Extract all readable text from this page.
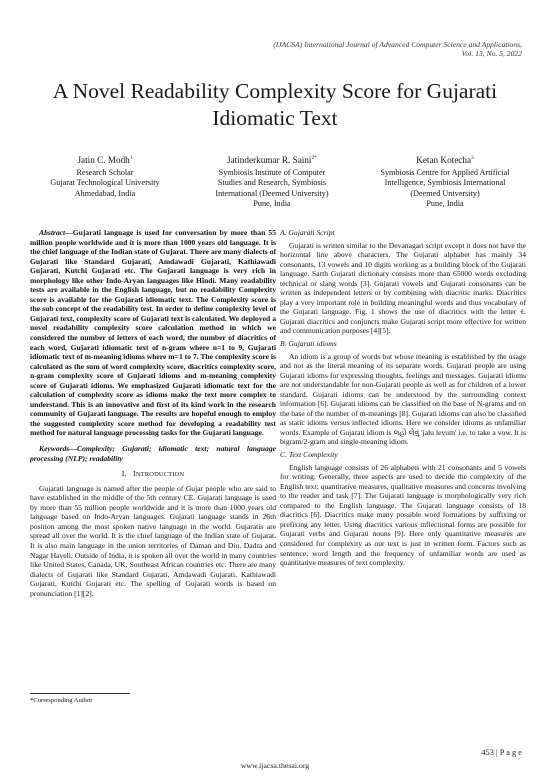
(IJACSA) International Journal of Advanced Computer Science and Applications,
Vol. 13, No. 5, 2022
A Novel Readability Complexity Score for Gujarati
Idiomatic Text
Jatin C. Modh$^1$
Research Scholar
Gujarat Technological University
Ahmedabad, India
Jatinderkumar R. Saini$^{2*}$
Symbiosis Institute of Computer
Studies and Research, Symbiosis
International (Deemed University)
Pune, India
Ketan Kotecha$^3$
Symbiosis Centre for Applied Artificial
Intelligence, Symbiosis International
(Deemed University)
Pune, India

Abstract—Gujarati language is used for conversation by more than 55 million people worldwide and it is more than 1000 years old language. It is the chief language of the Indian state of Gujarat. There are many dialects of Gujarati like Standard Gujarati, Amdawadi Gujarati, Kathiawadi Gujarati, Kutchi Gujarati etc. The Gujarati language is very rich in morphology like other Indo-Aryan languages like Hindi. Many readability tests are available in the English language, but no readability Complexity score is available for the Gujarati idiomatic text. The Complexity score is the sub concept of the readability test. In order to define complexity level of Gujarati text, complexity score of Gujarati text is calculated. We deployed a novel readability complexity score calculation method in which we considered the number of letters of each word, the number of diacritics of each word, Gujarati idiomatic text of n-gram where n=1 to 9, Gujarati idiomatic text of m-meaning idioms where m=1 to 7. The complexity score is calculated as the sum of word complexity score, diacritics complexity score, n-gram complexity score of Gujarati idioms and m-meaning complexity score of Gujarati idioms. We emphasized Gujarati idiomatic text for the calculation of complexity score as idioms make the text more complex to understand. This is an innovative and first of its kind work in the research community of Gujarati language. The results are hopeful enough to employ the suggested complexity score method for developing a readability test method for natural language processing tasks for the Gujarati language.

Keywords—Complexity; Gujarati; idiomatic text; natural language processing (NLP); readability

I. INTRODUCTION

Gujarati language is named after the people of Gujar people who are said to have established in the middle of the 5th century CE. Gujarati language is used by more than 55 million people worldwide and it is more than 1000 years old language based on Indo-Aryan languages. Gujarati language stands in 26th position among the most spoken native language in the world. Gujaratis are spread all over the world. It is the chief language of the Indian state of Gujarat. It is also main language in the union territories of Daman and Diu, Dadra and Nagar Haveli. Outside of India, it is spoken all over the world in many countries like United States, Canada, UK, Southeast African countries etc. There are many dialects of Gujarati like Standard Gujarati, Amdawadi Gujarati, Kathiawadi Gujarati, Kutchi Gujarati etc. The spelling of Gujarati words is based on pronunciation [1][2].

A. Gujarati Script

Gujarati is written similar to the Devanagari script except it does not have the horizontal line above characters. The Gujarati alphabet has mainly 34 consonants, 13 vowels and 10 digits working as a building block of the Gujarati language. Sarth Gujarati dictionary consists more than 65000 words excluding technical or slang words [3]. Gujarati vowels and Gujarati consonants can be written as independent letters or by combining with diacritic marks. Diacritics play a very important role in building meaningful words and thus vocabulary of the Gujarati language. Fig. 1 shows the use of diacritics with the letter ર. Gujarati diacritics and conjuncts make Gujarati script more effective for written and communication purposes [4][5].

B. Gujarati idioms

An idiom is a group of words but whose meaning is established by the usage and not as the literal meaning of its separate words. Gujarati people are using Gujarati idioms for expressing thoughts, feelings and messages. Gujarati idioms are not understandable for non-Gujarati people as well as for children of a lower standard. Gujarati idioms can be understood by the surrounding context information [6]. Gujarati idioms can be classified on the base of N-grams and on the base of the number of m-meanings [8]. Gujarati idioms can also be classified as static idioms versus inflected idioms. Here we consider idioms as unfamiliar words. Example of Gujarati idiom is લહો લેવું 'jalu levum' i.e. to take a vow. It is bigram/2-gram and single-meaning idiom.

C. Text Complexity

English language consists of 26 alphabets with 21 consonants and 5 vowels for writing. Generally, three aspects are used to decide the complexity of the English text: quantitative measures, qualitative measures and concerns involving to the reader and task [7]. The Gujarati language is morphologically very rich compared to the English language. The Gujarati language consists of 18 diacritics [6]. Diacritics make many possible word formations by suffixing or prefixing any letter. Using diacritics various inflectional forms are possible for Gujarati verbs and Gujarati nouns [9]. Here only quantitative measures are considered for complexity as our text is just in written form. Factors such as sentence, word length and the frequency of unfamiliar words are used as quantitative measures of text complexity.

*Corresponding Author
453 | P a g e
www.ijacsa.thesai.org
